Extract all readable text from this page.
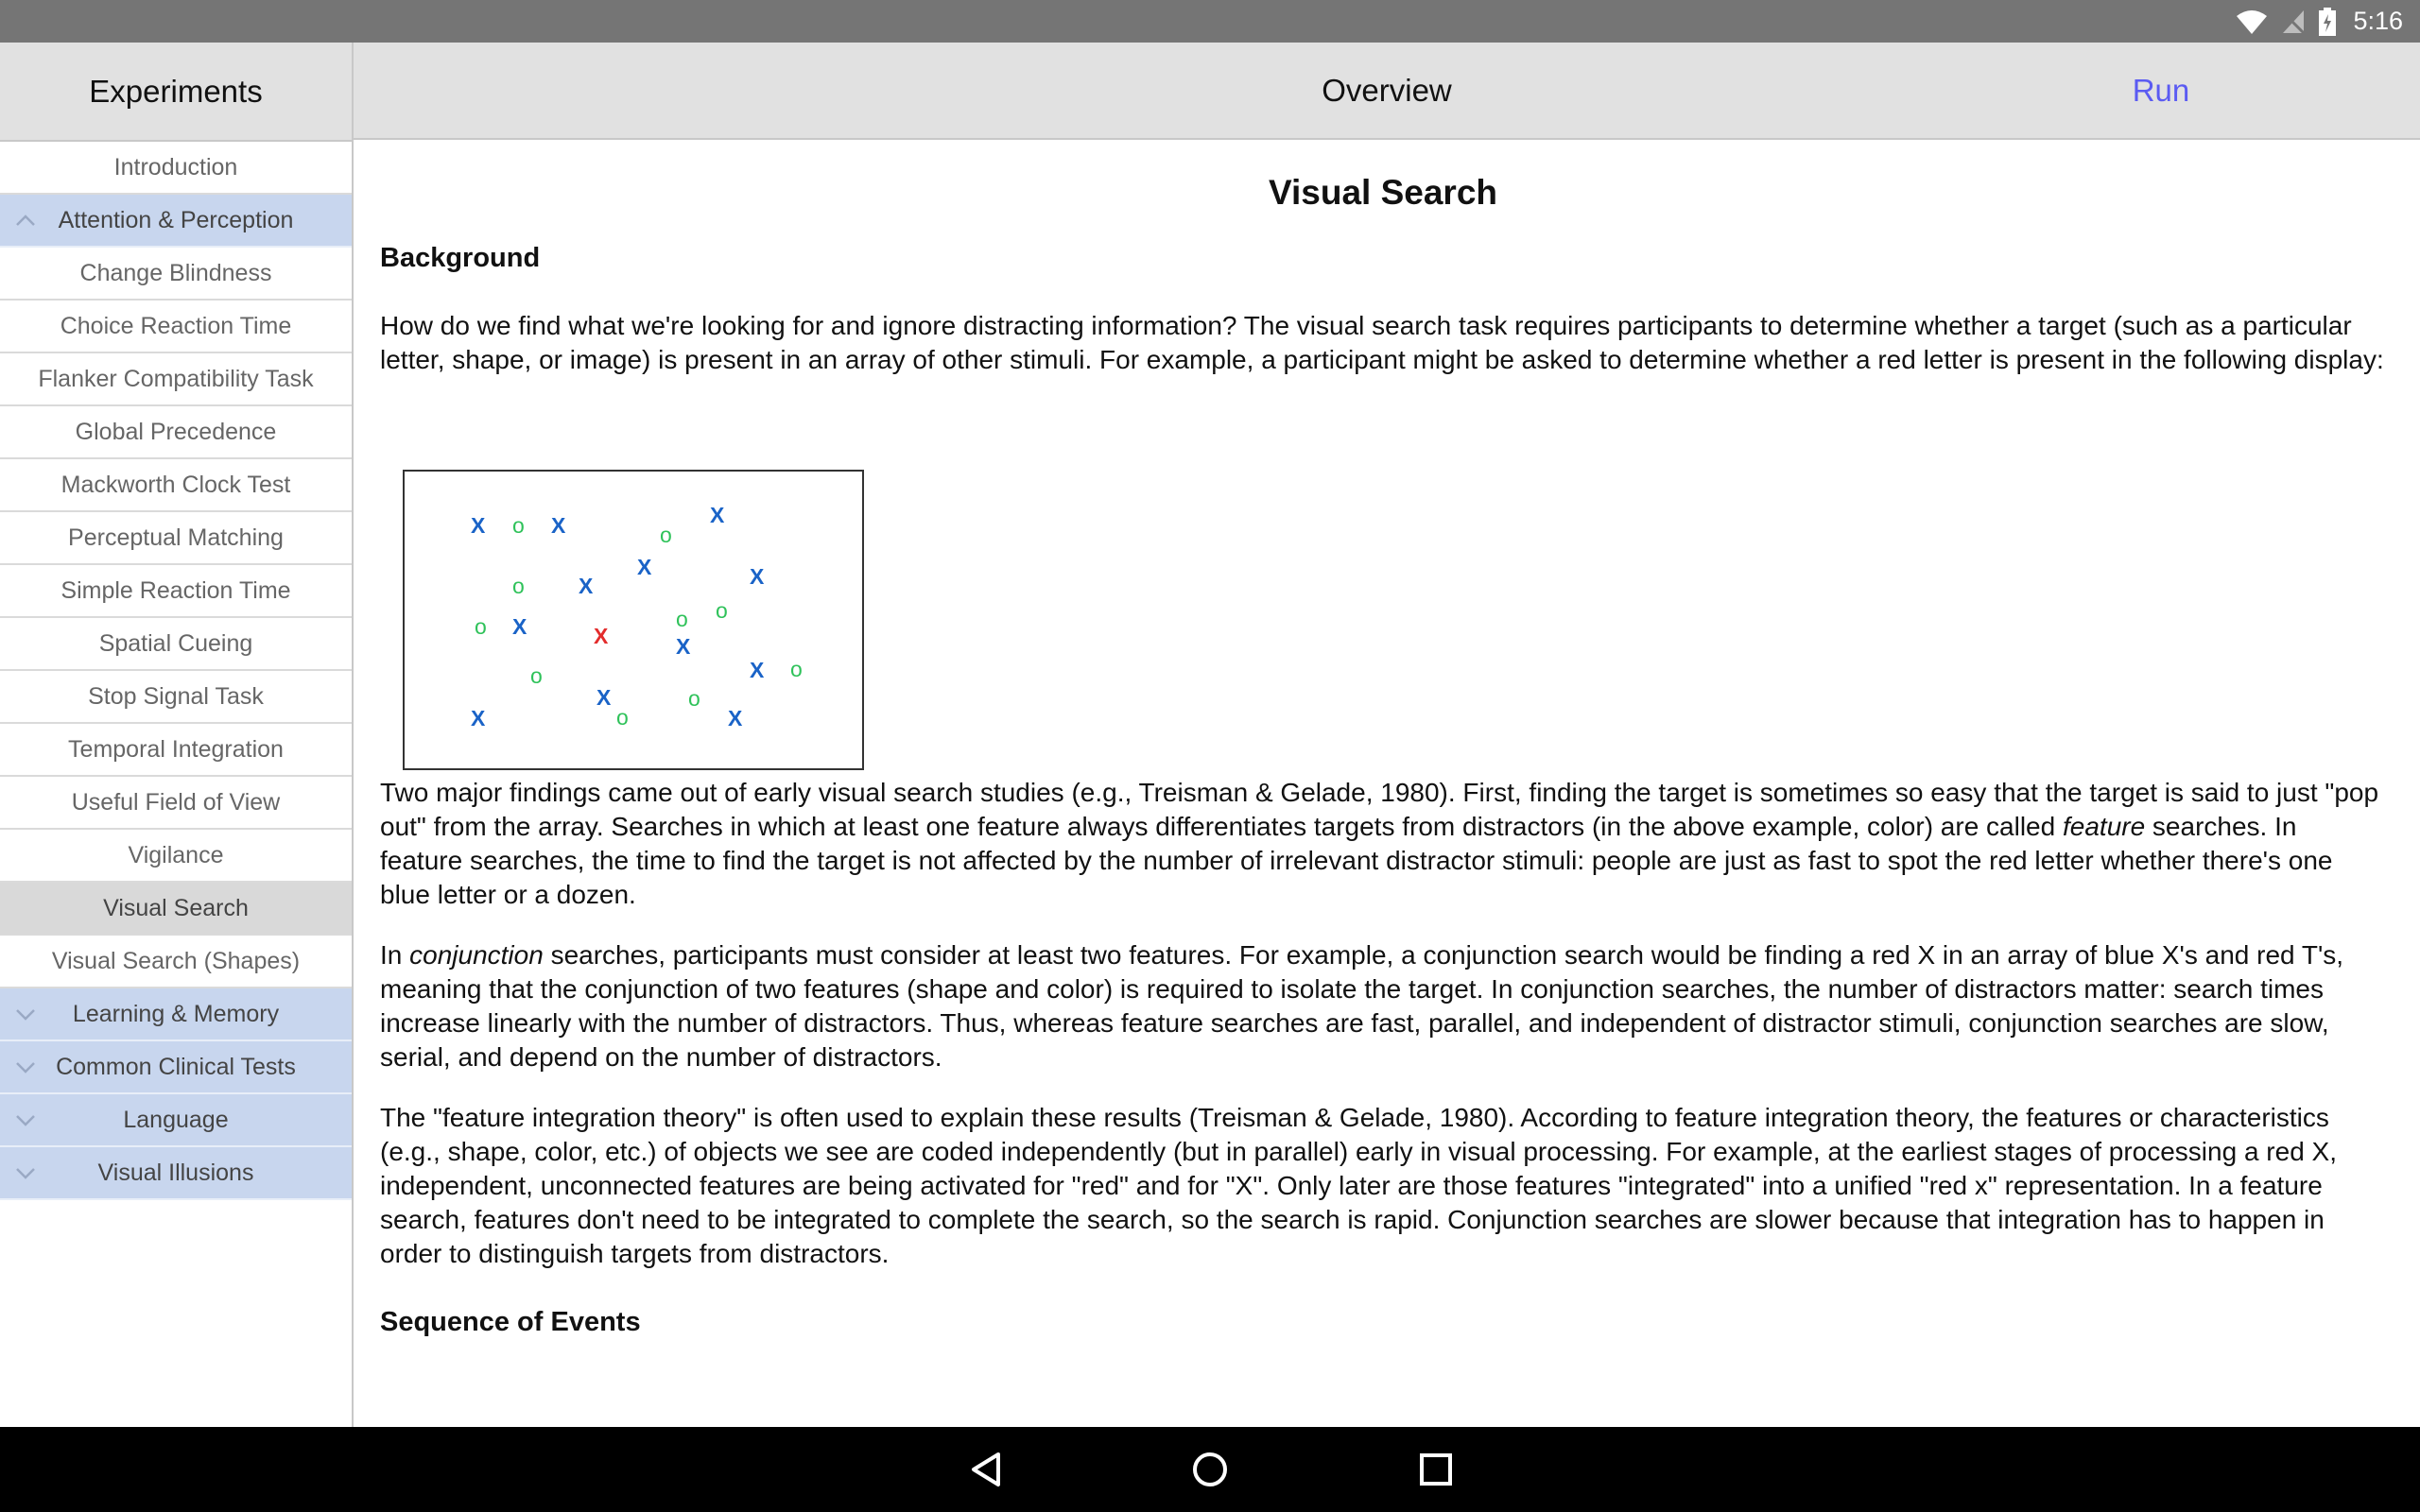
5:16
Experiments	Overview	Run
Introduction
Attention & Perception
Change Blindness
Choice Reaction Time
Flanker Compatibility Task
Global Precedence
Mackworth Clock Test
Perceptual Matching
Simple Reaction Time
Spatial Cueing
Stop Signal Task
Temporal Integration
Useful Field of View
Vigilance
Visual Search
Visual Search (Shapes)
Learning & Memory
Common Clinical Tests
Language
Visual Illusions
Visual Search
Background

How do we find what we're looking for and ignore distracting information? The visual search task requires participants to determine whether a target (such as a particular letter, shape, or image) is present in an array of other stimuli. For example, a participant might be asked to determine whether a red letter is present in the following display:

X o X	X
o
o X
X	X
o X	X
o o
X
o	X
X
o
o
X	X
o

Two major findings came out of early visual search studies (e.g., Treisman & Gelade, 1980). First, finding the target is sometimes so easy that the target is said to just "pop out" from the array. Searches in which at least one feature always differentiates targets from distractors (in the above example, color) are called feature searches. In feature searches, the time to find the target is not affected by the number of irrelevant distractor stimuli: people are just as fast to spot the red letter whether there's one blue letter or a dozen.

In conjunction searches, participants must consider at least two features. For example, a conjunction search would be finding a red X in an array of blue X's and red T's, meaning that the conjunction of two features (shape and color) is required to isolate the target. In conjunction searches, the number of distractors matter: search times increase linearly with the number of distractors. Thus, whereas feature searches are fast, parallel, and independent of distractor stimuli, conjunction searches are slow, serial, and depend on the number of distractors.

The "feature integration theory" is often used to explain these results (Treisman & Gelade, 1980). According to feature integration theory, the features or characteristics (e.g., shape, color, etc.) of objects we see are coded independently (but in parallel) early in visual processing. For example, at the earliest stages of processing a red X, independent, unconnected features are being activated for "red" and for "X". Only later are those features "integrated" into a unified "red x" representation. In a feature search, features don't need to be integrated to complete the search, so the search is rapid. Conjunction searches are slower because that integration has to happen in order to distinguish targets from distractors.

Sequence of Events
